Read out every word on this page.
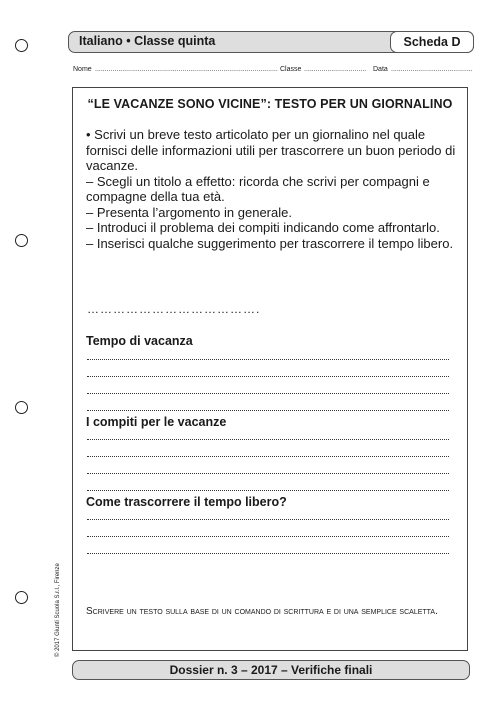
Italiano • Classe quinta	Scheda D
Nome .............................................................................................. Classe ................................ Data ..........................................
“LE VACANZE SONO VICINE”: TESTO PER UN GIORNALINO

• Scrivi un breve testo articolato per un giornalino nel quale fornisci delle informazioni utili per trascorrere un buon periodo di vacanze.

– Scegli un titolo a effetto: ricorda che scrivi per compagni e compagne della tua età.

– Presenta l’argomento in generale.

– Introduci il problema dei compiti indicando come affrontarlo.

– Inserisci qualche suggerimento per trascorrere il tempo libero.

………………………………….
Tempo di vacanza
I compiti per le vacanze
Come trascorrere il tempo libero?
Scrivere un testo sulla base di un comando di scrittura e di una semplice scaletta.
© 2017 Giunti Scuola S.r.l., Firenze
Dossier n. 3 – 2017 – Verifiche finali
